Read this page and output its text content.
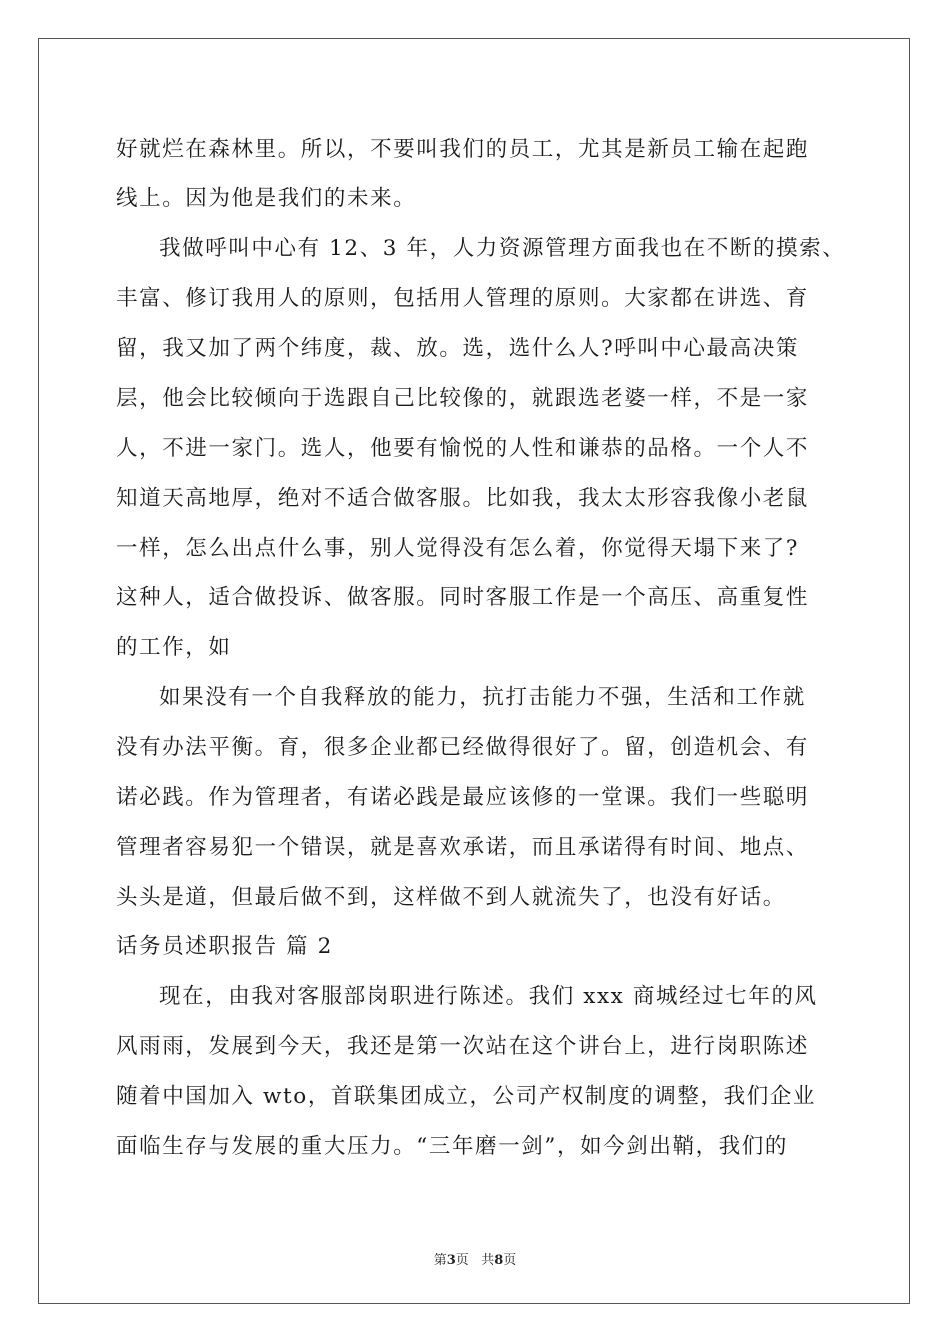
好就烂在森林里。所以，不要叫我们的员工，尤其是新员工输在起跑
线上。因为他是我们的未来。
我做呼叫中心有 12、3 年，人力资源管理方面我也在不断的摸索、
丰富、修订我用人的原则，包括用人管理的原则。大家都在讲选、育
留，我又加了两个纬度，裁、放。选，选什么人?呼叫中心最高决策
层，他会比较倾向于选跟自己比较像的，就跟选老婆一样，不是一家
人，不进一家门。选人，他要有愉悦的人性和谦恭的品格。一个人不
知道天高地厚，绝对不适合做客服。比如我，我太太形容我像小老鼠
一样，怎么出点什么事，别人觉得没有怎么着，你觉得天塌下来了?
这种人，适合做投诉、做客服。同时客服工作是一个高压、高重复性
的工作，如
如果没有一个自我释放的能力，抗打击能力不强，生活和工作就
没有办法平衡。育，很多企业都已经做得很好了。留，创造机会、有
诺必践。作为管理者，有诺必践是最应该修的一堂课。我们一些聪明
管理者容易犯一个错误，就是喜欢承诺，而且承诺得有时间、地点、
头头是道，但最后做不到，这样做不到人就流失了，也没有好话。
话务员述职报告 篇 2
现在，由我对客服部岗职进行陈述。我们 xxx 商城经过七年的风
风雨雨，发展到今天，我还是第一次站在这个讲台上，进行岗职陈述
随着中国加入 wto，首联集团成立，公司产权制度的调整，我们企业
面临生存与发展的重大压力。“三年磨一剑”，如今剑出鞘，我们的
第3页 共8页
